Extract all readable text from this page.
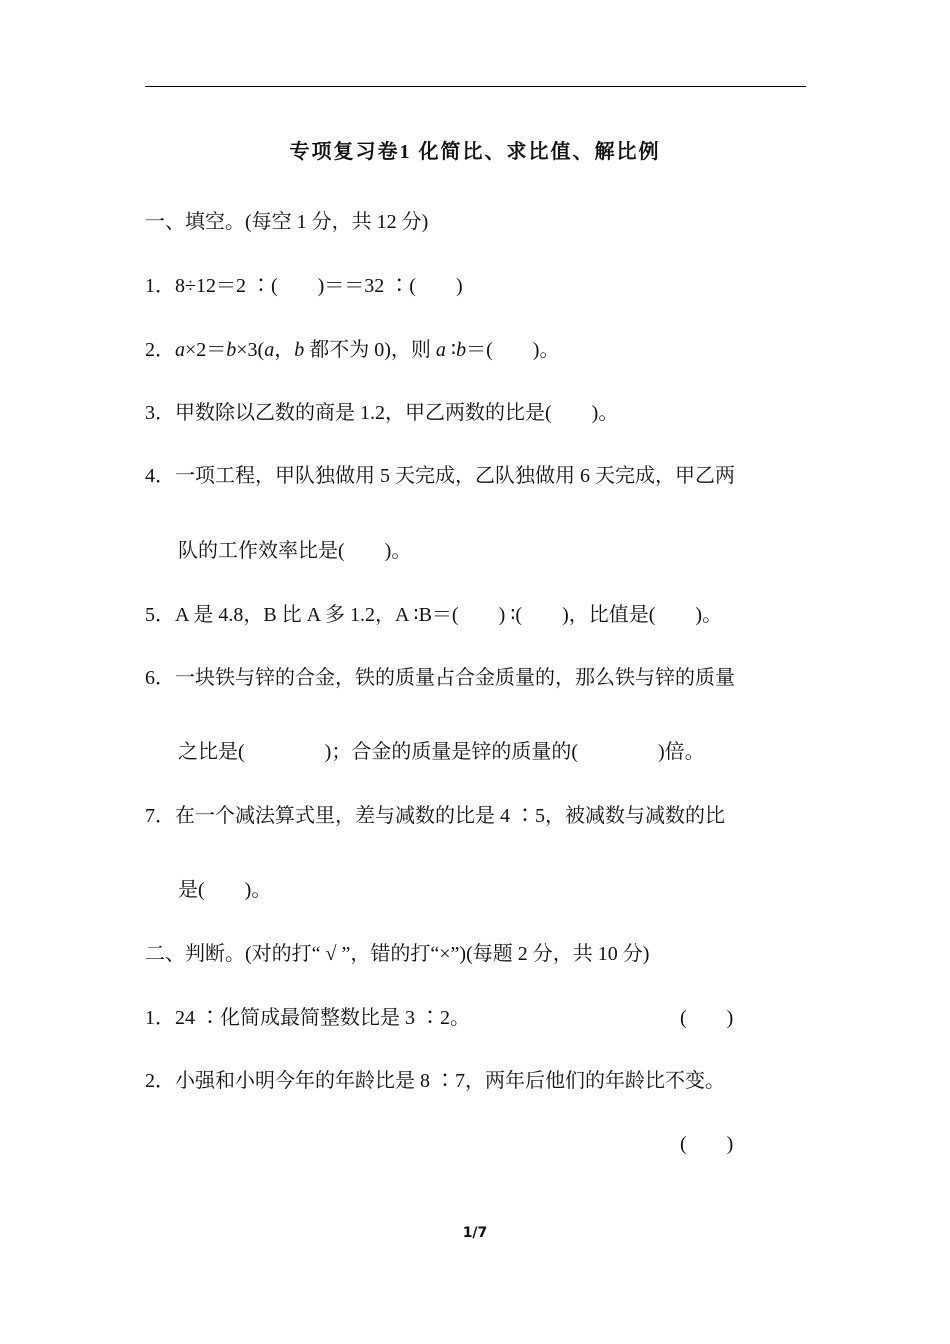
专项复习卷1 化简比、求比值、解比例
一、填空。(每空 1 分，共 12 分)
1．8÷12＝2 ∶(　　)＝＝32 ∶(　　)
2．a×2＝b×3(a，b 都不为 0)，则 a ∶b＝(　　)。
3．甲数除以乙数的商是 1.2，甲乙两数的比是(　　)。
4．一项工程，甲队独做用 5 天完成，乙队独做用 6 天完成，甲乙两
队的工作效率比是(　　)。
5．A 是 4.8，B 比 A 多 1.2，A ∶B＝(　　) ∶(　　)，比值是(　　)。
6．一块铁与锌的合金，铁的质量占合金质量的，那么铁与锌的质量
之比是(　　　　)；合金的质量是锌的质量的(　　　　)倍。
7．在一个减法算式里，差与减数的比是 4 ∶5，被减数与减数的比
是(　　)。
二、判断。(对的打“ √ ”，错的打“×”)(每题 2 分，共 10 分)
1．24 ∶化简成最简整数比是 3 ∶2。	(　　)
2．小强和小明今年的年龄比是 8 ∶7，两年后他们的年龄比不变。
(　　)
1/7
